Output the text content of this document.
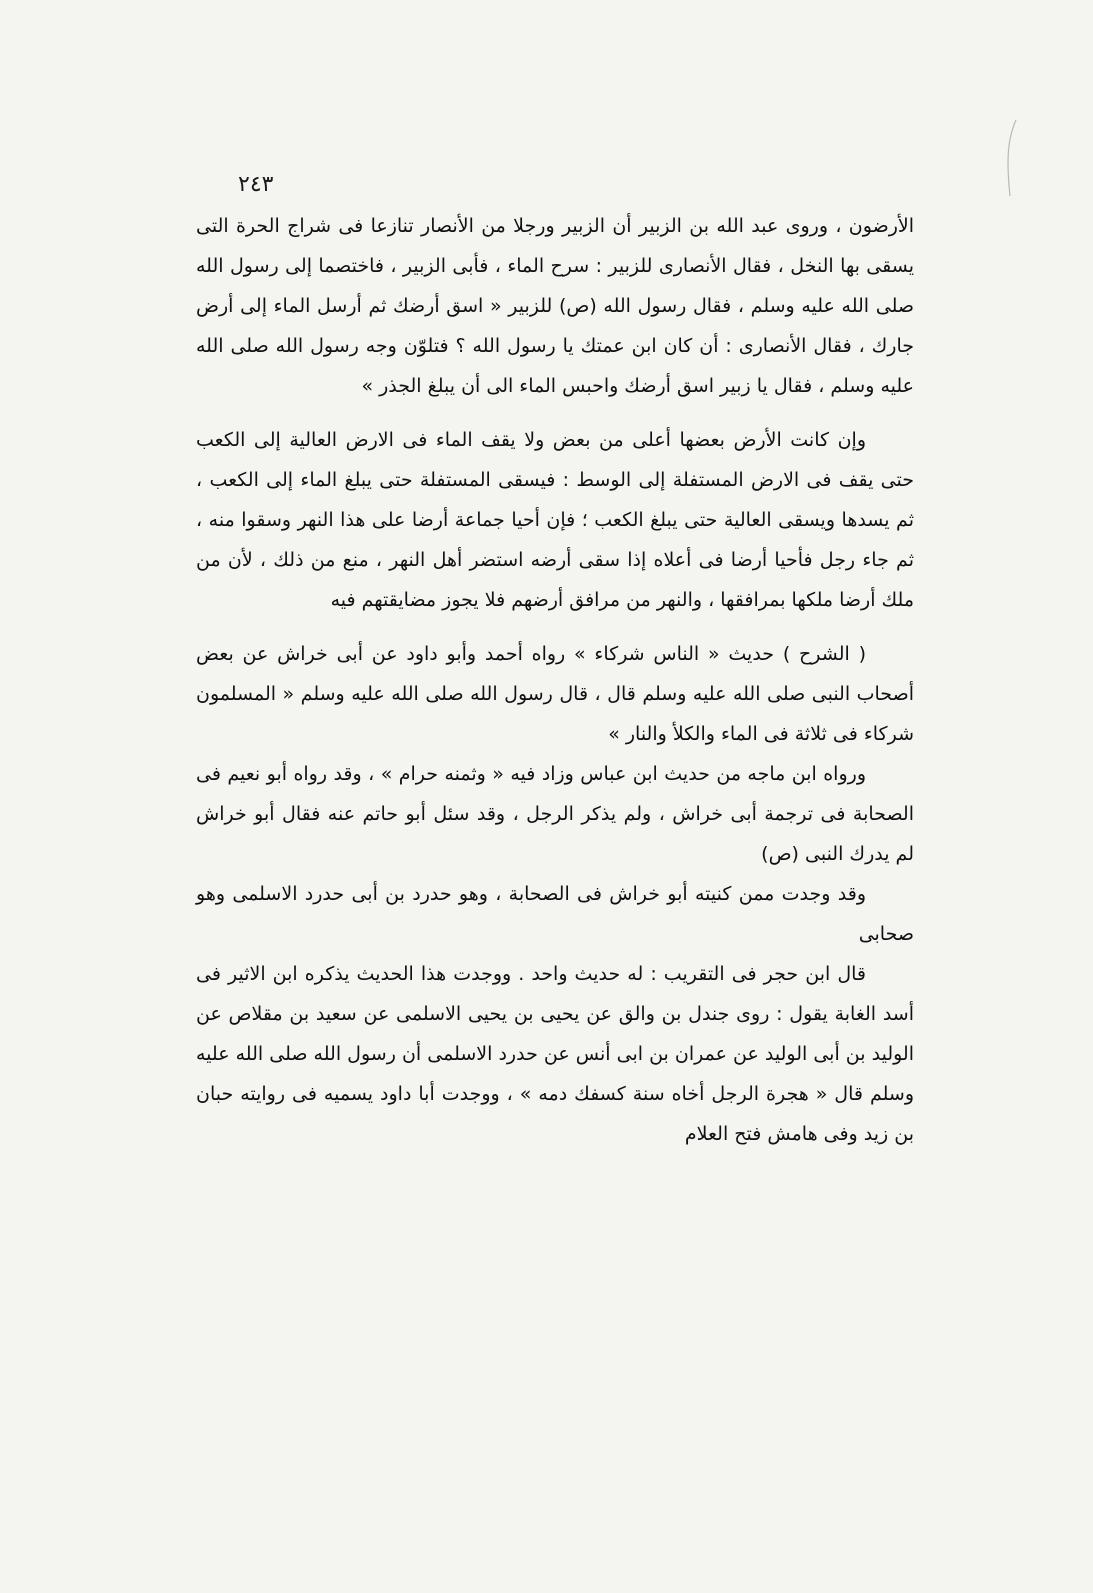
٢٤٣

الأرضون ، وروى عبد الله بن الزبير أن الزبير ورجلا من الأنصار تنازعا فى شراج الحرة التى يسقى بها النخل ، فقال الأنصارى للزبير : سرح الماء ، فأبى الزبير ، فاختصما إلى رسول الله صلى الله عليه وسلم ، فقال رسول الله (ص) للزبير « اسق أرضك ثم أرسل الماء إلى أرض جارك ، فقال الأنصارى : أن كان ابن عمتك يا رسول الله ؟ فتلوّن وجه رسول الله صلى الله عليه وسلم ، فقال يا زبير اسق أرضك واحبس الماء الى أن يبلغ الجذر »

وإن كانت الأرض بعضها أعلى من بعض ولا يقف الماء فى الارض العالية إلى الكعب حتى يقف فى الارض المستفلة إلى الوسط : فيسقى المستفلة حتى يبلغ الماء إلى الكعب ، ثم يسدها ويسقى العالية حتى يبلغ الكعب ؛ فإن أحيا جماعة أرضا على هذا النهر وسقوا منه ، ثم جاء رجل فأحيا أرضا فى أعلاه إذا سقى أرضه استضر أهل النهر ، منع من ذلك ، لأن من ملك أرضا ملكها بمرافقها ، والنهر من مرافق أرضهم فلا يجوز مضايقتهم فيه

( الشرح ) حديث « الناس شركاء » رواه أحمد وأبو داود عن أبى خراش عن بعض أصحاب النبى صلى الله عليه وسلم قال ، قال رسول الله صلى الله عليه وسلم « المسلمون شركاء فى ثلاثة فى الماء والكلأ والنار »

ورواه ابن ماجه من حديث ابن عباس وزاد فيه « وثمنه حرام » ، وقد رواه أبو نعيم فى الصحابة فى ترجمة أبى خراش ، ولم يذكر الرجل ، وقد سئل أبو حاتم عنه فقال أبو خراش لم يدرك النبى (ص)

وقد وجدت ممن كنيته أبو خراش فى الصحابة ، وهو حدرد بن أبى حدرد الاسلمى وهو صحابى

قال ابن حجر فى التقريب : له حديث واحد . ووجدت هذا الحديث يذكره ابن الاثير فى أسد الغابة يقول : روى جندل بن والق عن يحيى بن يحيى الاسلمى عن سعيد بن مقلاص عن الوليد بن أبى الوليد عن عمران بن ابى أنس عن حدرد الاسلمى أن رسول الله صلى الله عليه وسلم قال « هجرة الرجل أخاه سنة كسفك دمه » ، ووجدت أبا داود يسميه فى روايته حبان بن زيد وفى هامش فتح العلام
